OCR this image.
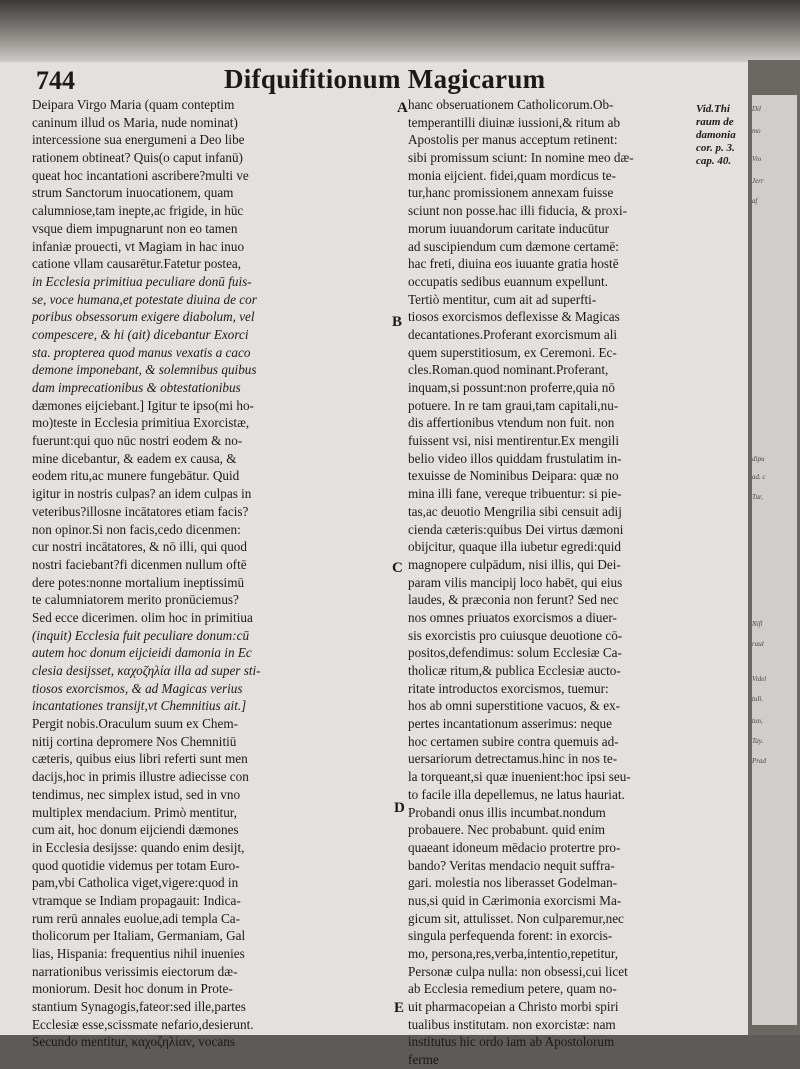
Dil
mo
Vio
Jerr
af
dipu
ad. c
Tur,
Nifl
raul
Videl
tuli.
tun,
Tay.
Prad
744	Difquifitionum Magicarum
Deipara Virgo Maria (quam conteptim
caninum illud os Maria, nude nominat)
intercessione sua energumeni a Deo libe
rationem obtineat? Quis(o caput infanū)
queat hoc incantationi ascribere?multi ve
strum Sanctorum inuocationem, quam
calumniose,tam inepte,ac frigide, in hūc
vsque diem impugnarunt non eo tamen
infaniæ prouecti, vt Magiam in hac inuo
catione vllam causarētur.Fatetur postea,
in Ecclesia primitiua peculiare donū fuis-
se, voce humana,et potestate diuina de cor
poribus obsessorum exigere diabolum, vel
compescere, & hi (ait) dicebantur Exorci
sta. propterea quod manus vexatis a caco
demone imponebant, & solemnibus quibus
dam imprecationibus & obtestationibus
dæmones eijciebant.] Igitur te ipso(mi ho-
mo)teste in Ecclesia primitiua Exorcistæ,
fuerunt:qui quo nūc nostri eodem & no-
mine dicebantur, & eadem ex causa, &
eodem ritu,ac munere fungebātur. Quid
igitur in nostris culpas? an idem culpas in
veteribus?illosne incātatores etiam facis?
non opinor.Si non facis,cedo dicenmen:
cur nostri incātatores, & nō illi, qui quod
nostri faciebant?fi dicenmen nullum oftē
dere potes:nonne mortalium ineptissimū
te calumniatorem merito pronūciemus?
Sed ecce dicerimen. olim hoc in primitiua
(inquit) Ecclesia fuit peculiare donum:cū
autem hoc donum eijcieidi damonia in Ec
clesia desijsset, καχοζηλία illa ad super sti-
tiosos exorcismos, & ad Magicas verius
incantationes transijt,vt Chemnitius ait.]
Pergit nobis.Oraculum suum ex Chem-
nitij cortina depromere Nos Chemnitiū
cæteris, quibus eius libri referti sunt men
dacijs,hoc in primis illustre adiecisse con
tendimus, nec simplex istud, sed in vno
multiplex mendacium. Primò mentitur,
cum ait, hoc donum eijciendi dæmones
in Ecclesia desijsse: quando enim desijt,
quod quotidie videmus per totam Euro-
pam,vbi Catholica viget,vigere:quod in
vtramque se Indiam propagauit: Indica-
rum rerū annales euolue,adi templa Ca-
tholicorum per Italiam, Germaniam, Gal
lias, Hispania: frequentius nihil inuenies
narrationibus verissimis eiectorum dæ-
moniorum. Desit hoc donum in Prote-
stantium Synagogis,fateor:sed ille,partes
Ecclesiæ esse,scissmate nefario,desierunt.
Secundo mentitur, καχοζηλίαν, vocans
hanc obseruationem Catholicorum.Ob-
temperantilli diuinæ iussioni,& ritum ab
Apostolis per manus acceptum retinent:
sibi promissum sciunt: In nomine meo dæ-
monia eijcient. fidei,quam mordicus te-
tur,hanc promissionem annexam fuisse
sciunt non posse.hac illi fiducia, & proxi-
morum iuuandorum caritate inducūtur
ad suscipiendum cum dæmone certamē:
hac freti, diuina eos iuuante gratia hostē
occupatis sedibus euannum expellunt.
Tertiò mentitur, cum ait ad superfti-
tiosos exorcismos deflexisse & Magicas
decantationes.Proferant exorcismum ali
quem superstitiosum, ex Ceremoni. Ec-
cles.Roman.quod nominant.Proferant,
inquam,si possunt:non proferre,quia nō
potuere. In re tam graui,tam capitali,nu-
dis affertionibus vtendum non fuit. non
fuissent vsi, nisi mentirentur.Ex mengili
belio video illos quiddam frustulatim in-
texuisse de Nominibus Deipara: quæ no
mina illi fane, vereque tribuentur: si pie-
tas,ac deuotio Mengrilia sibi censuit adij
cienda cæteris:quibus Dei virtus dæmoni
obijcitur, quaque illa iubetur egredi:quid
magnopere culpādum, nisi illis, qui Dei-
param vilis mancipij loco habēt, qui eius
laudes, & præconia non ferunt? Sed nec
nos omnes priuatos exorcismos a diuer-
sis exorcistis pro cuiusque deuotione cō-
positos,defendimus: solum Ecclesiæ Ca-
tholicæ ritum,& publica Ecclesiæ aucto-
ritate introductos exorcismos, tuemur:
hos ab omni superstitione vacuos, & ex-
pertes incantationum asserimus: neque
hoc certamen subire contra quemuis ad-
uersariorum detrectamus.hinc in nos te-
la torqueant,si quæ inuenient:hoc ipsi seu-
to facile illa depellemus, ne latus hauriat.
Probandi onus illis incumbat.nondum
probauere. Nec probabunt. quid enim
quaeant idoneum mēdacio protertre pro-
bando? Veritas mendacio nequit suffra-
gari. molestia nos liberasset Godelman-
nus,si quid in Cærimonia exorcismi Ma-
gicum sit, attulisset. Non culparemur,nec
singula perfequenda forent: in exorcis-
mo, persona,res,verba,intentio,repetitur,
Personæ culpa nulla: non obsessi,cui licet
ab Ecclesia remedium petere, quam no-
uit pharmacopeian a Christo morbi spiri
tualibus institutam. non exorcistæ: nam
institutus hic ordo iam ab Apostolorum
ferme
A
B
C
D
E
Vid.Thi
raum de
damonia
cor. p. 3.
cap. 40.
